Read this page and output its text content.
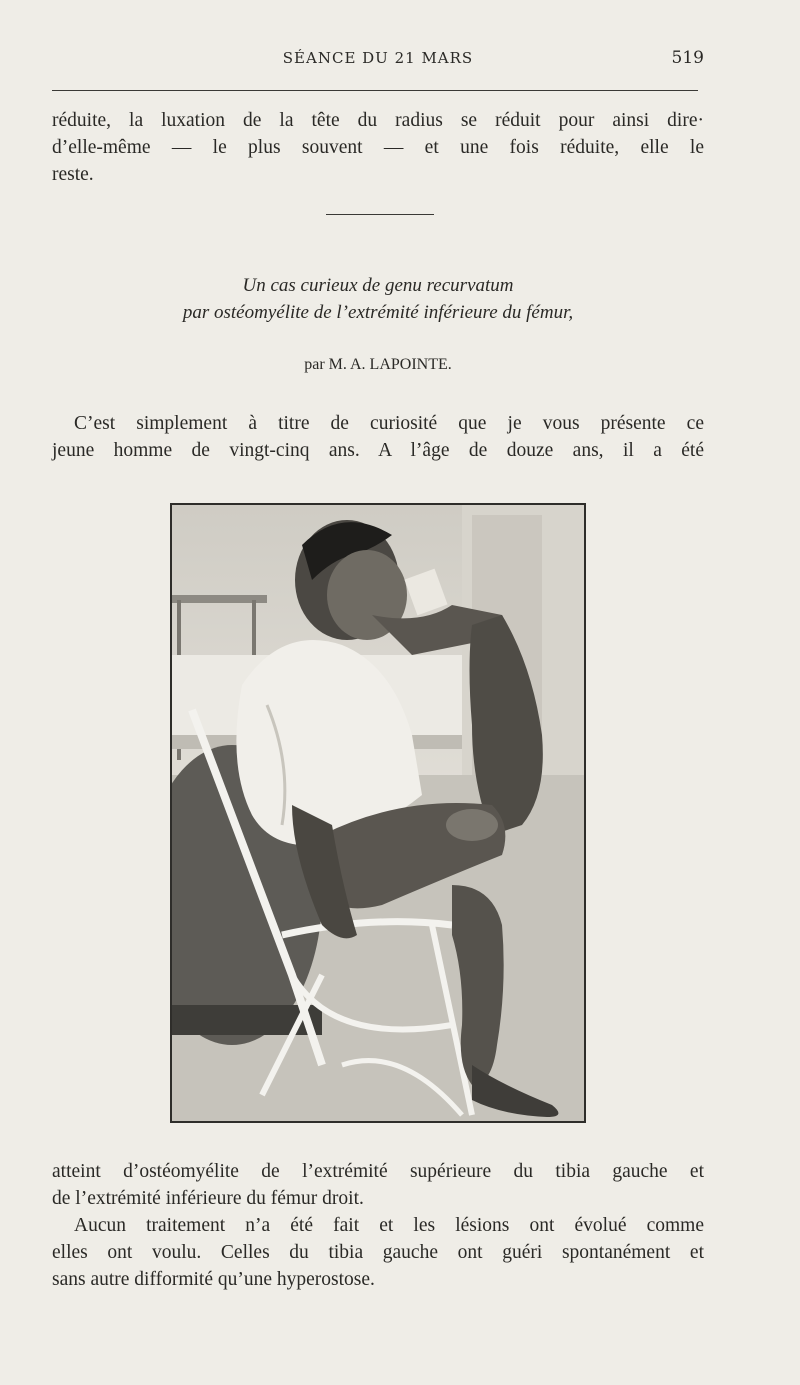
SÉANCE DU 21 MARS	519
réduite, la luxation de la tête du radius se réduit pour ainsi dire·
d’elle-même — le plus souvent — et une fois réduite, elle le
reste.
Un cas curieux de genu recurvatum
par ostéomyélite de l’extrémité inférieure du fémur,
par M. A. LAPOINTE.
C’est simplement à titre de curiosité que je vous présente ce
jeune homme de vingt-cinq ans. A l’âge de douze ans, il a été
atteint d’ostéomyélite de l’extrémité supérieure du tibia gauche et
de l’extrémité inférieure du fémur droit.
Aucun traitement n’a été fait et les lésions ont évolué comme
elles ont voulu. Celles du tibia gauche ont guéri spontanément et
sans autre difformité qu’une hyperostose.
